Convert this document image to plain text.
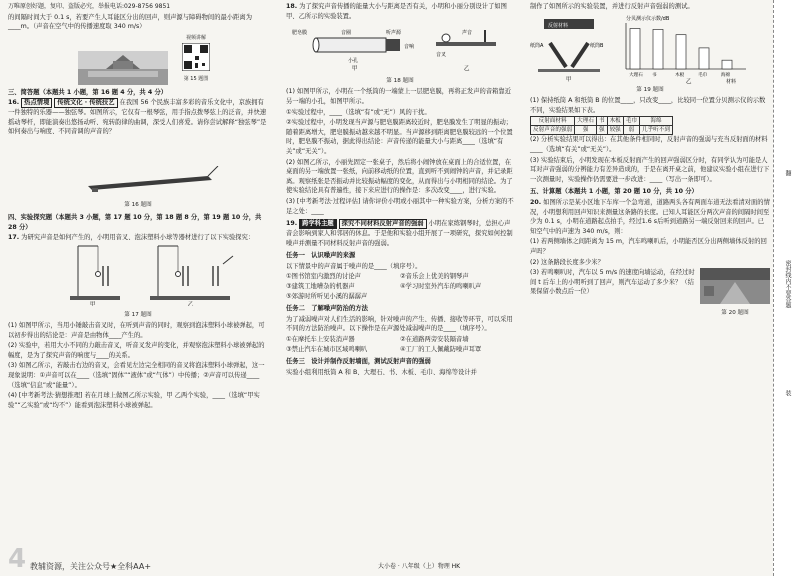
万唯原创好题，复印、盗版必究，举报电话:029-8756 9851

的间隔时间大于 0.1 s，若要产生人耳能区分出的回声，则声源与障碍物间的最小距离为____m。（声音在空气中的传播速度取 340 m/s）

视频讲解
第 15 题图

三、简答题（本题共 1 小题，第 16 题 4 分，共 4 分）

16. 热点情境 传统文化 · 传统技艺 在我国 56 个民族丰富多彩的音乐文化中，京族拥有一件独特的乐器——独弦琴。如图所示，它仅有一根琴弦，用手指点拨琴弦上的泛音，并快速摇动琴杆，即能演奏出悠扬动听、宛转韵律的曲调，深受人们喜爱。请你尝试解释“独弦琴”是如何奏出与响度、不同音调的声音的？

第 16 题图

四、实验探究题（本题共 3 小题，第 17 题 10 分，第 18 题 8 分，第 19 题 10 分，共 28 分）

17. 为研究声音是如何产生的，小明用音叉、泡沫塑料小球等器材进行了以下实验探究：

甲	乙
第 17 题图

(1) 如图甲所示，当用小锤敲击音叉时，在听到声音的同时，观察到泡沫塑料小球被弹起，可以初步得出的结论是：声音是由物体____产生的。

(2) 实验中，若用大小不同的力敲击音叉，听音叉发声的变化，并观察泡沫塑料小球被弹起的幅度，是为了探究声音的响度与____的关系。

(3) 如图乙所示，若敲击右边的音叉，会看见左边完全相同的音叉将泡沫塑料小球弹起，这一现象说明：①声音可以在____（选填“固体”“液体”或“气体”）中传播；②声音可以传递____（选填“信息”或“能量”）。

(4) [中考新考法·猜想推理] 若在月球上做图乙所示实验，甲 乙两个实验，____（选填“甲实验”“乙实验”或“均不”）能看到泡沫塑料小球被弹起。

4 教辅资源，关注公众号★全科AA+

18. 为了探究声音传播的能量大小与距离是否有关，小明和小丽分别设计了如图甲、乙所示的实验装置。

肥皂膜	音圈
小孔
听声源
音响
声音
音叉
甲	乙
第 18 题图

(1) 如图甲所示，小明在一个纸筒的一端蒙上一层肥皂膜，再将正发声的音箱靠近另一端的小孔，如图甲所示。

①实验过程中，____（选填“有”或“无”）风的干扰。

②实验过程中，小明发现当声源与肥皂膜距离较近时，肥皂膜发生了明显的振动；随着距离增大，肥皂膜振动越来越不明显。当声源移到距离肥皂膜较远的一个位置时，肥皂膜不振动，据此得出结论：声音传递的能量大小与距离____（选填“有关”或“无关”）。

(2) 如图乙所示，小丽先固定一张桌子，然后将小闹钟放在桌面上的合适位置，在桌面的另一端放置一张纸，向前移动纸的位置，直到听不到闹钟的声音，并记录距离。观察纸张是否振动并比较振动幅度的变化，从而得出与小明相同的结论。为了使实验结论具有普遍性，接下来应进行的操作是：多次改变____，进行实验。

(3) [中考新考法·过程评估] 请你评价小明或小丽其中一种实验方案，分析方案的不足之处：____

19. 跨学科主题 探究不同材料反射声音的强弱 小明在家练钢琴时，总担心声音会影响到家人和邻居的休息。于是他和实验小组开展了一项研究，探究如何控制噪声并测量不同材料反射声音的强弱。

任务一　认识噪声的来源

以下情景中的声音属于噪声的是____（填序号）。

①图书馆室内激烈的讨论声	②音乐会上优美的钢琴声
③建筑工地嘈杂的机器声	④学习时室外汽车的鸣喇叭声
⑤郊游时所听见小溪的潺潺声

任务二　了解噪声防治的方法

为了减弱噪声对人们生活的影响，针对噪声的产生、传播、接收等环节，可以采用不同的方法防治噪声。以下操作是在声源处减弱噪声的是____（填序号）。

①在摩托车上安装消声器	②在道路两旁安装隔音墙
③禁止汽车在城市区域鸣喇叭	④工厂的工人佩戴防噪声耳罩

任务三　设计并制作反射墙面，测试反射声音的强弱

实验小组利用纸筒 A 和 B、大理石、书、木板、毛巾、海绵等设计并

大小卷 · 八年级（上）物理 HK

制作了如图所示的实验装置，并进行反射声音强弱的测试。

反射材料
纸筒A	纸筒B
甲
分贝测示仪示数/dB
大理石 书	木板	毛巾	海绵
材料
乙
第 19 题图

(1) 保持纸筒 A 和纸筒 B 的位置____，只改变____，比较同一位置分贝测示仪的示数不同，实验结果如下表。

反射面材料	大理石	书	木板	毛巾	海绵
反射声音的强弱	强	强	较强	弱	几乎听不到

(2) 分析实验结果可以得出：在其他条件相同时，反射声音的强弱与充当反射面的材料____（选填“有关”或“无关”）。

(3) 实验结束后，小明发现在本板反射面产生的回声强弱区分时，有同学认为可能是人耳对声音强弱的分辨能力有差异造成的，于是在离开桌之前，他建议实验小组在进行下一次测量时，实验操作仍需要进一步改进：____（写出一条即可）。

五、计算题（本题共 1 小题，第 20 题 10 分，共 10 分）

20. 如图所示是某小区地下车库一个急弯道，道路两头各有两面车道无法看清对面的情况，小明想利用回声知识来测量这条路的长度。已知人耳能区分两次声音的间隔时间至少为 0.1 s，小明在道路起点拍手，经过1.6 s后听到道路另一端反射回来的回声。已知空气中的声速为 340 m/s，则：

(1) 若两侧墙体之间距离为 15 m，汽车鸣喇叭后，小明能否区分出两侧墙体反射的回声吗？

(2) 这条路段长度多少米？

(3) 若鸣喇叭时，汽车以 5 m/s 的速度向墙运动，在经过时间 t 后车上的小明听到了回声，则汽车运动了多少米？（结果保留小数点后一位）

第 20 题图
翻
密封线内不要答题
装
